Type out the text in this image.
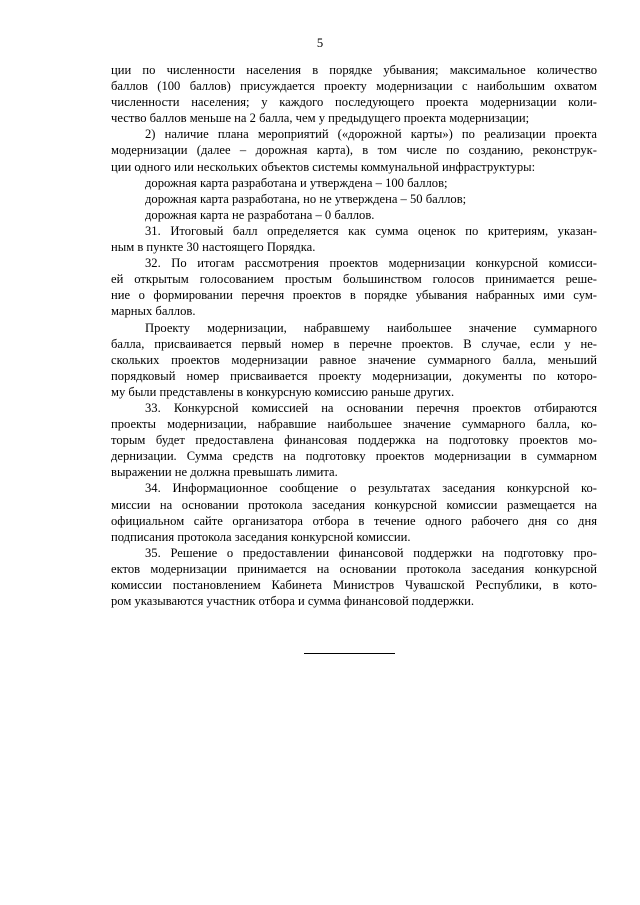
5
ции по численности населения в порядке убывания; максимальное количество
баллов (100 баллов) присуждается проекту модернизации с наибольшим охватом
численности населения; у каждого последующего проекта модернизации коли-
чество баллов меньше на 2 балла, чем у предыдущего проекта модернизации;
2) наличие плана мероприятий («дорожной карты») по реализации проекта
модернизации (далее – дорожная карта), в том числе по созданию, реконструк-
ции одного или нескольких объектов системы коммунальной инфраструктуры:
дорожная карта разработана и утверждена – 100 баллов;
дорожная карта разработана, но не утверждена – 50 баллов;
дорожная карта не разработана – 0 баллов.
31. Итоговый балл определяется как сумма оценок по критериям, указан-
ным в пункте 30 настоящего Порядка.
32. По итогам рассмотрения проектов модернизации конкурсной комисси-
ей открытым голосованием простым большинством голосов принимается реше-
ние о формировании перечня проектов в порядке убывания набранных ими сум-
марных баллов.
Проекту модернизации, набравшему наибольшее значение суммарного
балла, присваивается первый номер в перечне проектов. В случае, если у не-
скольких проектов модернизации равное значение суммарного балла, меньший
порядковый номер присваивается проекту модернизации, документы по которо-
му были представлены в конкурсную комиссию раньше других.
33. Конкурсной комиссией на основании перечня проектов отбираются
проекты модернизации, набравшие наибольшее значение суммарного балла, ко-
торым будет предоставлена финансовая поддержка на подготовку проектов мо-
дернизации. Сумма средств на подготовку проектов модернизации в суммарном
выражении не должна превышать лимита.
34. Информационное сообщение о результатах заседания конкурсной ко-
миссии на основании протокола заседания конкурсной комиссии размещается на
официальном сайте организатора отбора в течение одного рабочего дня со дня
подписания протокола заседания конкурсной комиссии.
35. Решение о предоставлении финансовой поддержки на подготовку про-
ектов модернизации принимается на основании протокола заседания конкурсной
комиссии постановлением Кабинета Министров Чувашской Республики, в кото-
ром указываются участник отбора и сумма финансовой поддержки.
